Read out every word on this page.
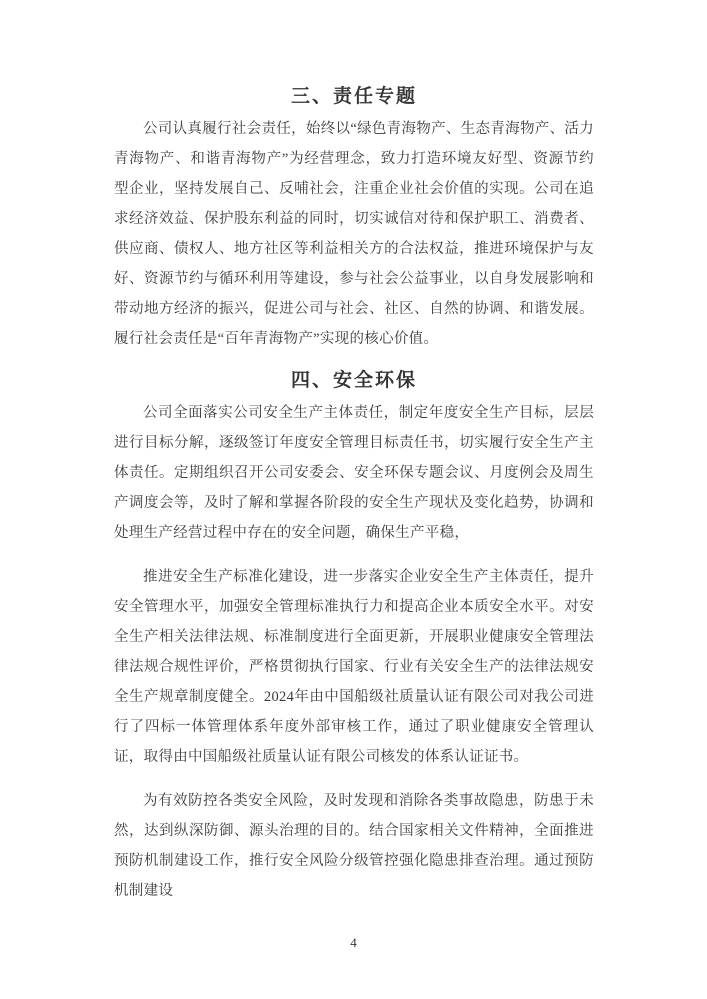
三、责任专题

公司认真履行社会责任，始终以“绿色青海物产、生态青海物产、活力青海物产、和谐青海物产”为经营理念，致力打造环境友好型、资源节约型企业，坚持发展自己、反哺社会，注重企业社会价值的实现。公司在追求经济效益、保护股东利益的同时，切实诚信对待和保护职工、消费者、供应商、债权人、地方社区等利益相关方的合法权益，推进环境保护与友好、资源节约与循环利用等建设，参与社会公益事业，以自身发展影响和带动地方经济的振兴，促进公司与社会、社区、自然的协调、和谐发展。履行社会责任是“百年青海物产”实现的核心价值。

四、安全环保

公司全面落实公司安全生产主体责任，制定年度安全生产目标，层层进行目标分解，逐级签订年度安全管理目标责任书，切实履行安全生产主体责任。定期组织召开公司安委会、安全环保专题会议、月度例会及周生产调度会等，及时了解和掌握各阶段的安全生产现状及变化趋势，协调和处理生产经营过程中存在的安全问题，确保生产平稳，

推进安全生产标准化建设，进一步落实企业安全生产主体责任，提升安全管理水平，加强安全管理标准执行力和提高企业本质安全水平。对安全生产相关法律法规、标准制度进行全面更新，开展职业健康安全管理法律法规合规性评价，严格贯彻执行国家、行业有关安全生产的法律法规安全生产规章制度健全。2024年由中国船级社质量认证有限公司对我公司进行了四标一体管理体系年度外部审核工作，通过了职业健康安全管理认证，取得由中国船级社质量认证有限公司核发的体系认证证书。

为有效防控各类安全风险，及时发现和消除各类事故隐患，防患于未然，达到纵深防御、源头治理的目的。结合国家相关文件精神，全面推进预防机制建设工作，推行安全风险分级管控强化隐患排查治理。通过预防机制建设

4
